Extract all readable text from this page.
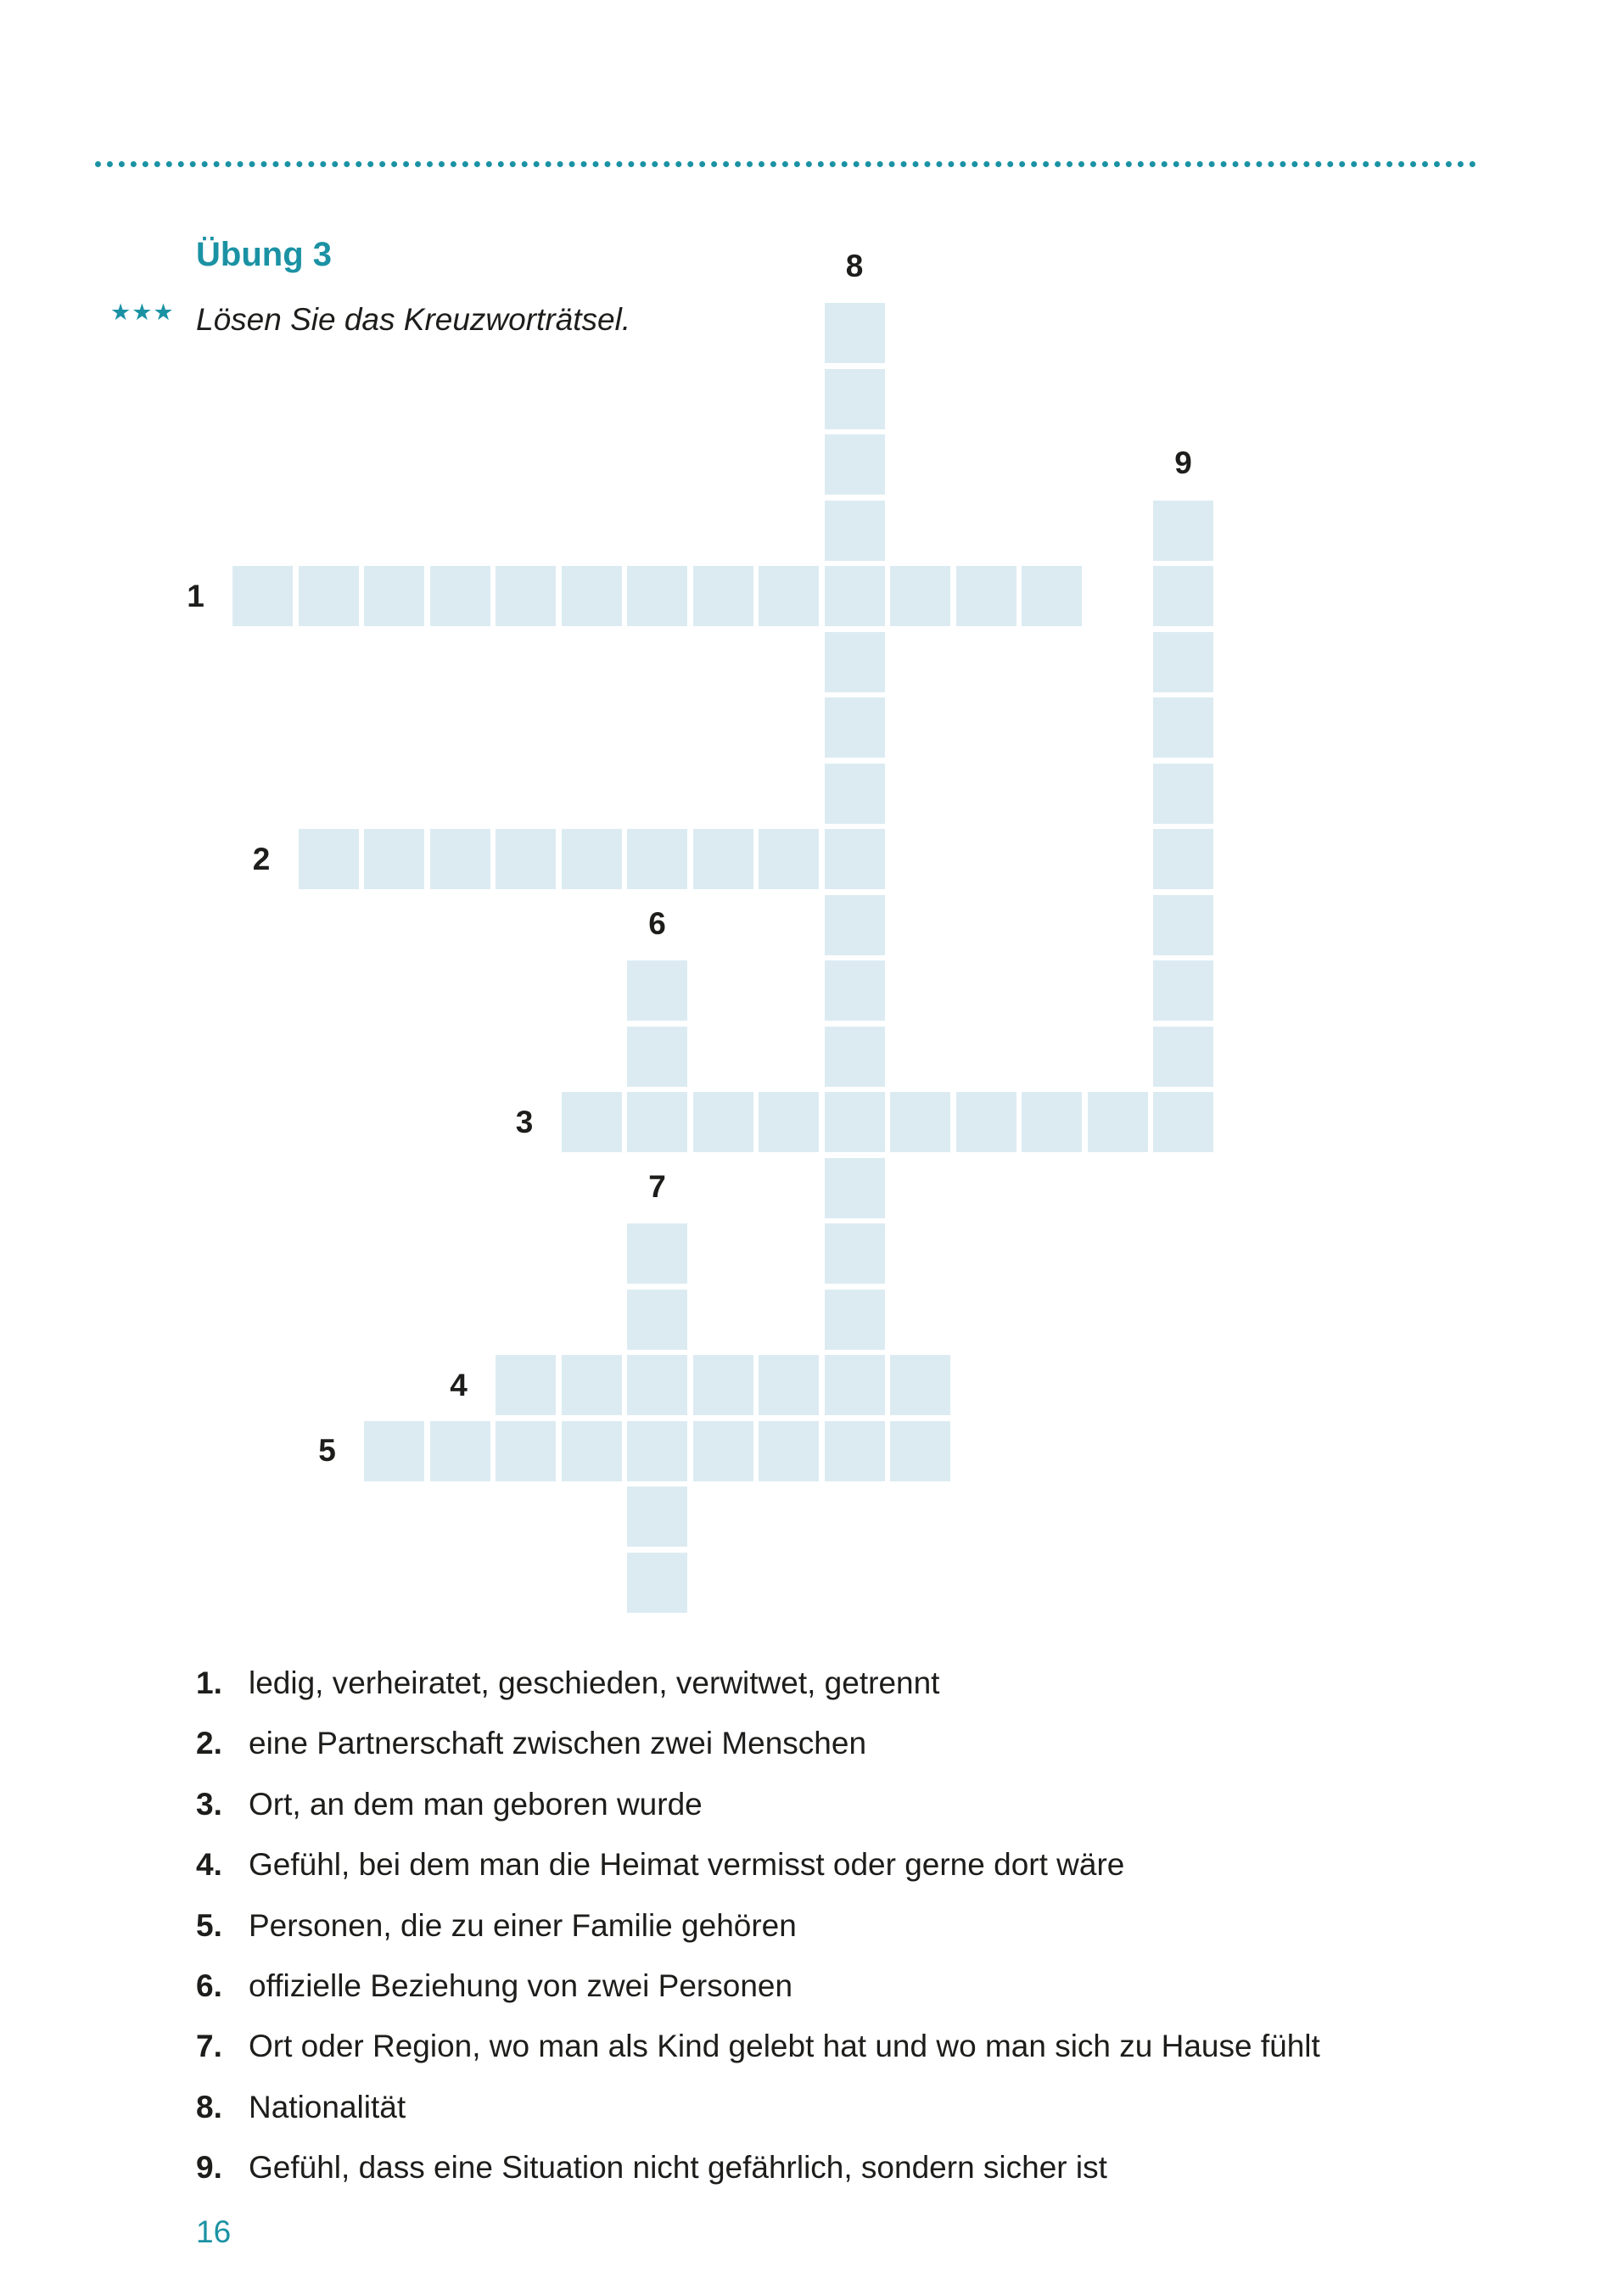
Übung 3
★★★ Lösen Sie das Kreuzworträtsel.
1
2
3
4
5
6
7
8
9
1. ledig, verheiratet, geschieden, verwitwet, getrennt
2. eine Partnerschaft zwischen zwei Menschen
3. Ort, an dem man geboren wurde
4. Gefühl, bei dem man die Heimat vermisst oder gerne dort wäre
5. Personen, die zu einer Familie gehören
6. offizielle Beziehung von zwei Personen
7. Ort oder Region, wo man als Kind gelebt hat und wo man sich zu Hause fühlt
8. Nationalität
9. Gefühl, dass eine Situation nicht gefährlich, sondern sicher ist
16
